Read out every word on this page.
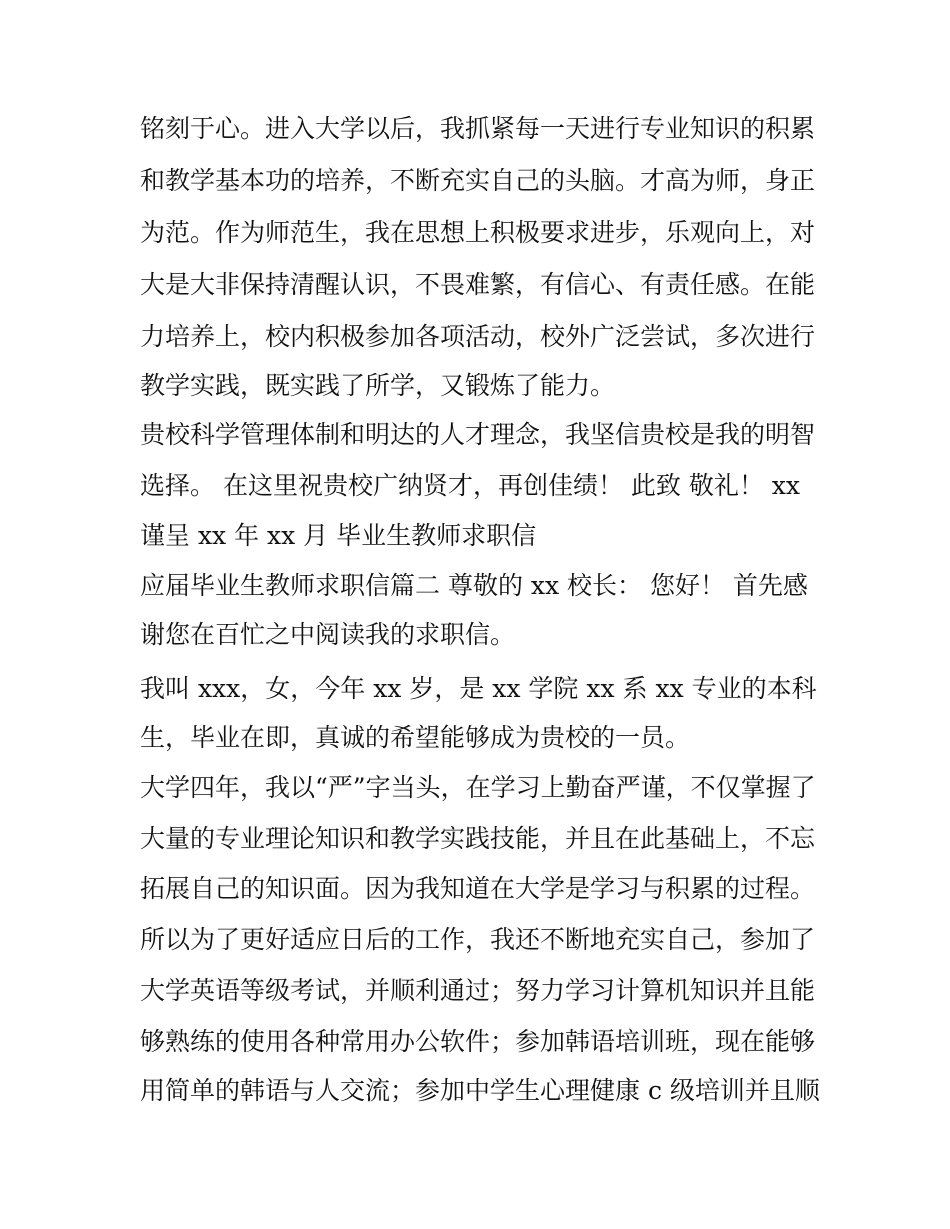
铭刻于心。进入大学以后，我抓紧每一天进行专业知识的积累
和教学基本功的培养，不断充实自己的头脑。才高为师，身正
为范。作为师范生，我在思想上积极要求进步，乐观向上，对
大是大非保持清醒认识，不畏难繁，有信心、有责任感。在能
力培养上，校内积极参加各项活动，校外广泛尝试，多次进行
教学实践，既实践了所学，又锻炼了能力。
贵校科学管理体制和明达的人才理念，我坚信贵校是我的明智
选择。 在这里祝贵校广纳贤才，再创佳绩！ 此致 敬礼！ xx
谨呈 xx 年 xx 月 毕业生教师求职信
应届毕业生教师求职信篇二 尊敬的 xx 校长： 您好！ 首先感
谢您在百忙之中阅读我的求职信。
我叫 xxx，女，今年 xx 岁，是 xx 学院 xx 系 xx 专业的本科
生，毕业在即，真诚的希望能够成为贵校的一员。
大学四年，我以“严”字当头，在学习上勤奋严谨，不仅掌握了
大量的专业理论知识和教学实践技能，并且在此基础上，不忘
拓展自己的知识面。因为我知道在大学是学习与积累的过程。
所以为了更好适应日后的工作，我还不断地充实自己，参加了
大学英语等级考试，并顺利通过；努力学习计算机知识并且能
够熟练的使用各种常用办公软件；参加韩语培训班，现在能够
用简单的韩语与人交流；参加中学生心理健康 c 级培训并且顺
